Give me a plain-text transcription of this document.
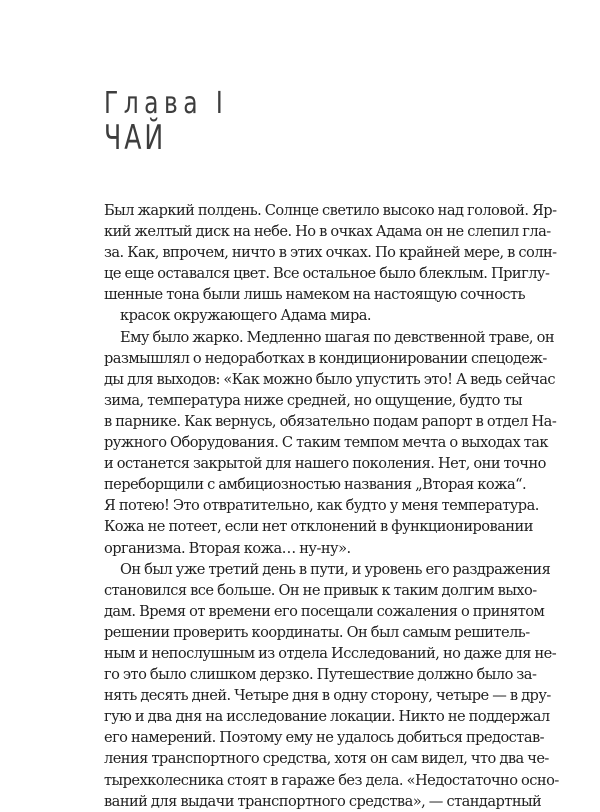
Глава I
ЧАЙ
Был жаркий полдень. Солнце светило высоко над головой. Яр-
кий желтый диск на небе. Но в очках Адама он не слепил гла-
за. Как, впрочем, ничто в этих очках. По крайней мере, в солн-
це еще оставался цвет. Все остальное было блеклым. Приглу-
шенные тона были лишь намеком на настоящую сочность
красок окружающего Адама мира.
Ему было жарко. Медленно шагая по девственной траве, он
размышлял о недоработках в кондиционировании спецодеж-
ды для выходов: «Как можно было упустить это! А ведь сейчас
зима, температура ниже средней, но ощущение, будто ты
в парнике. Как вернусь, обязательно подам рапорт в отдел На-
ружного Оборудования. С таким темпом мечта о выходах так
и останется закрытой для нашего поколения. Нет, они точно
переборщили с амбициозностью названия „Вторая кожа“.
Я потею! Это отвратительно, как будто у меня температура.
Кожа не потеет, если нет отклонений в функционировании
организма. Вторая кожа… ну-ну».
Он был уже третий день в пути, и уровень его раздражения
становился все больше. Он не привык к таким долгим выхо-
дам. Время от времени его посещали сожаления о принятом
решении проверить координаты. Он был самым решитель-
ным и непослушным из отдела Исследований, но даже для не-
го это было слишком дерзко. Путешествие должно было за-
нять десять дней. Четыре дня в одну сторону, четыре — в дру-
гую и два дня на исследование локации. Никто не поддержал
его намерений. Поэтому ему не удалось добиться предостав-
ления транспортного средства, хотя он сам видел, что два че-
тырехколесника стоят в гараже без дела. «Недостаточно осно-
ваний для выдачи транспортного средства», — стандартный
